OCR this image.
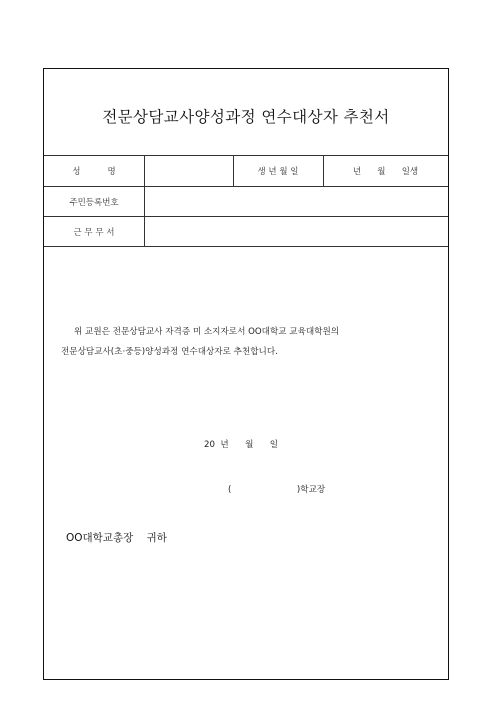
전문상담교사양성과정 연수대상자 추천서
성          명	생 년 월 일	년      월      일생
주민등록번호
근 무 무 서
위 교원은 전문상담교사 자격증 미 소지자로서 OO대학교 교육대학원의
전문상담교사(초·중등)양성과정 연수대상자로 추천합니다.
20  년      월      일
(                        )학교장
OO대학교총장    귀하
